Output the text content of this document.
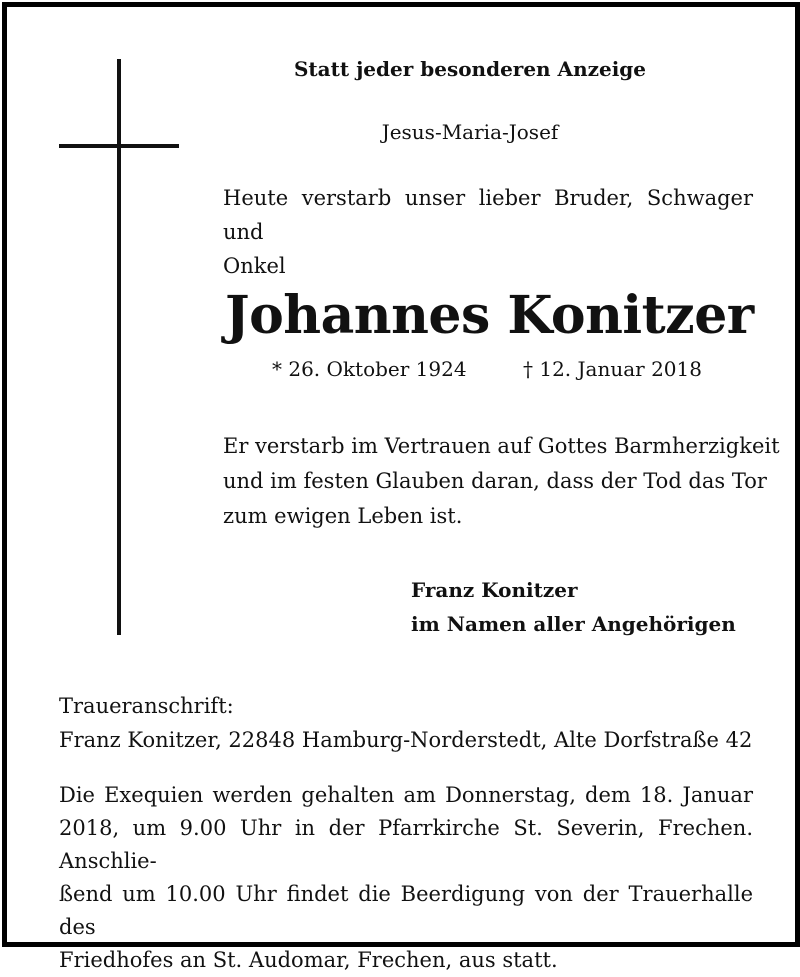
Statt jeder besonderen Anzeige

Jesus-Maria-Josef

Heute verstarb unser lieber Bruder, Schwager und
Onkel

Johannes Konitzer

* 26. Oktober 1924	† 12. Januar 2018

Er verstarb im Vertrauen auf Gottes Barmherzigkeit
und im festen Glauben daran, dass der Tod das Tor
zum ewigen Leben ist.
Franz Konitzer
im Namen aller Angehörigen
Traueranschrift:
Franz Konitzer, 22848 Hamburg-Norderstedt, Alte Dorfstraße 42
Die Exequien werden gehalten am Donnerstag, dem 18. Januar
2018, um 9.00 Uhr in der Pfarrkirche St. Severin, Frechen. Anschlie-
ßend um 10.00 Uhr findet die Beerdigung von der Trauerhalle des
Friedhofes an St. Audomar, Frechen, aus statt.
